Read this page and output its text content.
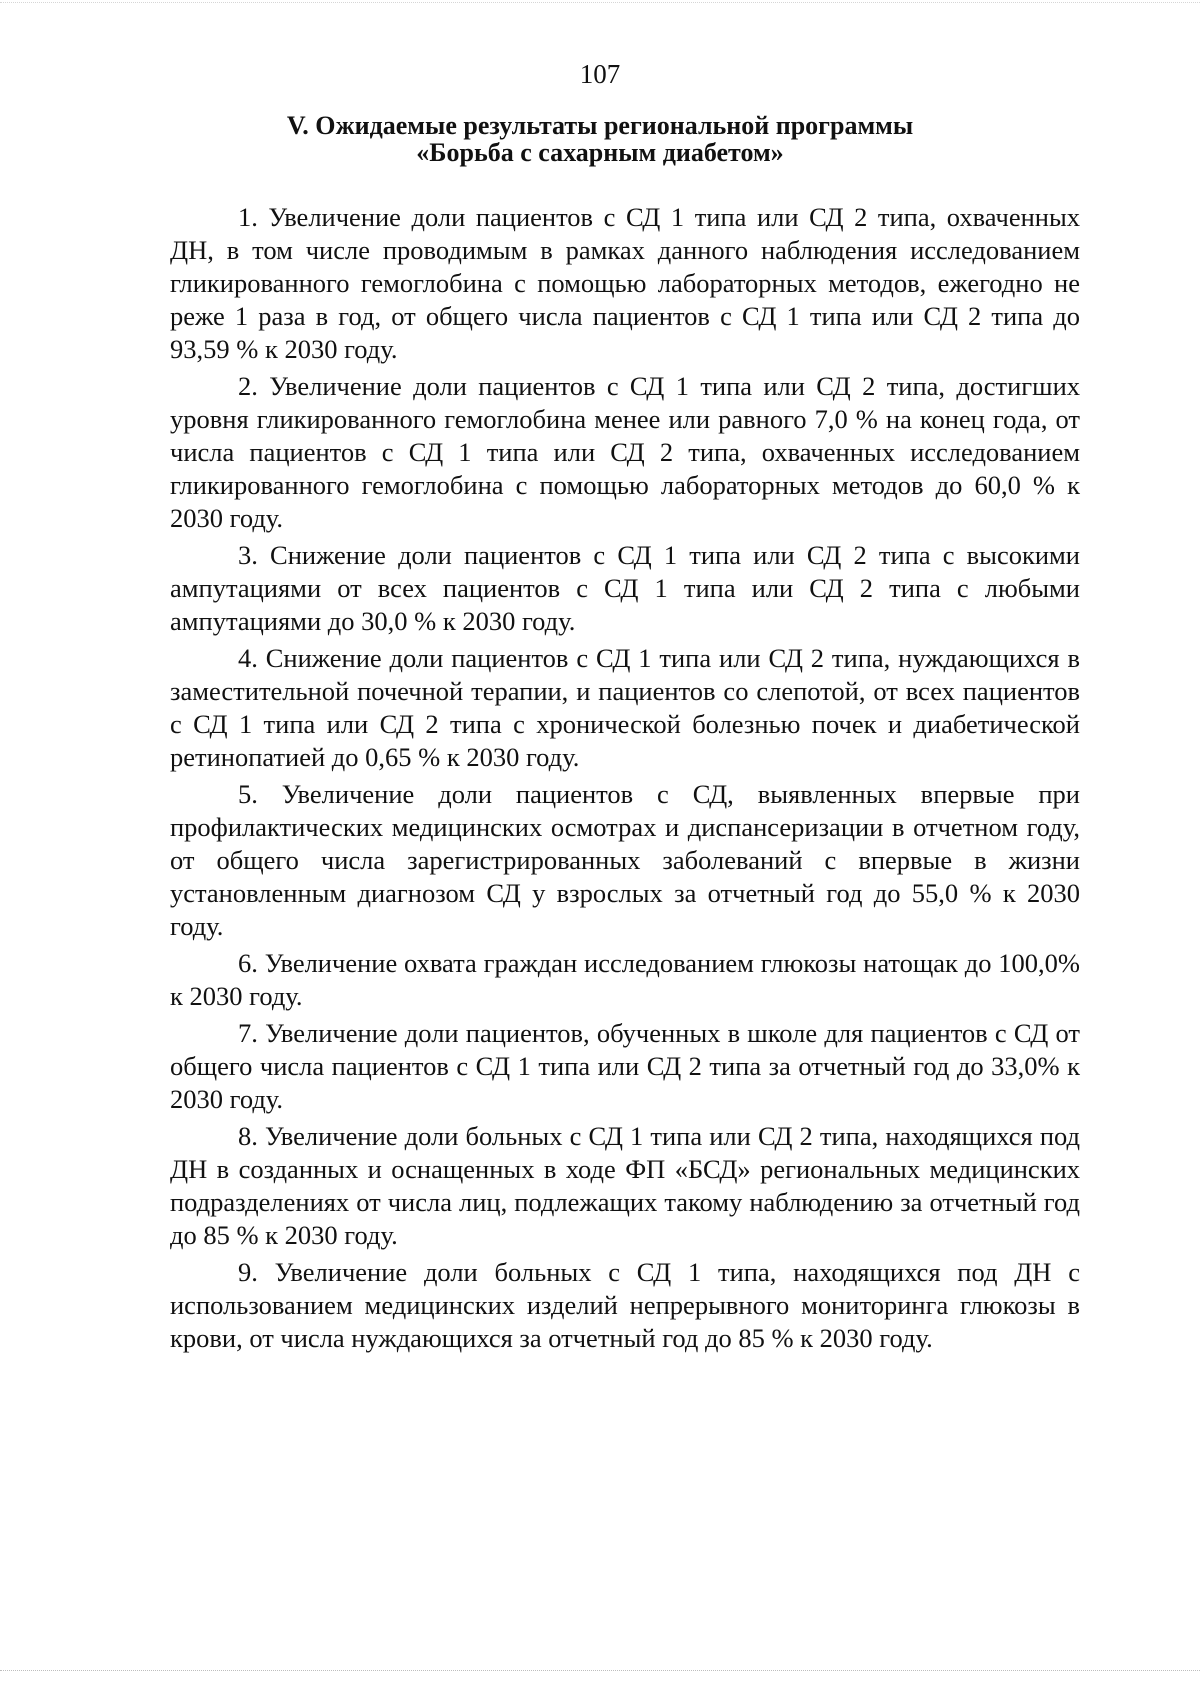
107
V. Ожидаемые результаты региональной программы
«Борьба с сахарным диабетом»

1. Увеличение доли пациентов с СД 1 типа или СД 2 типа, охваченных ДН, в том числе проводимым в рамках данного наблюдения исследованием гликированного гемоглобина с помощью лабораторных методов, ежегодно не реже 1 раза в год, от общего числа пациентов с СД 1 типа или СД 2 типа до 93,59 % к 2030 году.

2. Увеличение доли пациентов с СД 1 типа или СД 2 типа, достигших уровня гликированного гемоглобина менее или равного 7,0 % на конец года, от числа пациентов с СД 1 типа или СД 2 типа, охваченных исследованием гликированного гемоглобина с помощью лабораторных методов до 60,0 % к 2030 году.

3. Снижение доли пациентов с СД 1 типа или СД 2 типа с высокими ампутациями от всех пациентов с СД 1 типа или СД 2 типа с любыми ампутациями до 30,0 % к 2030 году.

4. Снижение доли пациентов с СД 1 типа или СД 2 типа, нуждающихся в заместительной почечной терапии, и пациентов со слепотой, от всех пациентов с СД 1 типа или СД 2 типа с хронической болезнью почек и диабетической ретинопатией до 0,65 % к 2030 году.

5. Увеличение доли пациентов с СД, выявленных впервые при профилактических медицинских осмотрах и диспансеризации в отчетном году, от общего числа зарегистрированных заболеваний с впервые в жизни установленным диагнозом СД у взрослых за отчетный год до 55,0 % к 2030 году.

6. Увеличение охвата граждан исследованием глюкозы натощак до 100,0% к 2030 году.

7. Увеличение доли пациентов, обученных в школе для пациентов с СД от общего числа пациентов с СД 1 типа или СД 2 типа за отчетный год до 33,0% к 2030 году.

8. Увеличение доли больных с СД 1 типа или СД 2 типа, находящихся под ДН в созданных и оснащенных в ходе ФП «БСД» региональных медицинских подразделениях от числа лиц, подлежащих такому наблюдению за отчетный год до 85 % к 2030 году.

9. Увеличение доли больных с СД 1 типа, находящихся под ДН с использованием медицинских изделий непрерывного мониторинга глюкозы в крови, от числа нуждающихся за отчетный год до 85 % к 2030 году.
